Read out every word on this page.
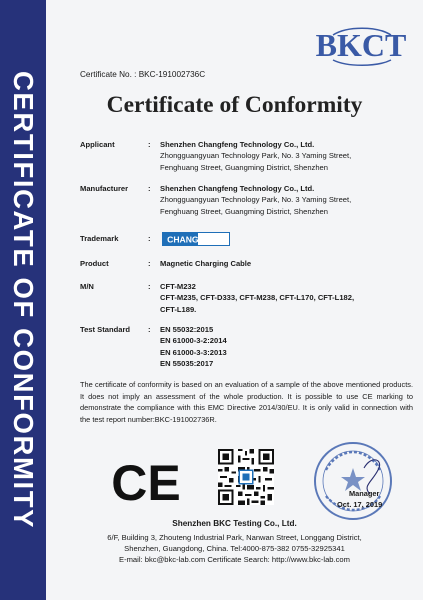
CERTIFICATE OF CONFORMITY
BKCT
Certificate No. : BKC-191002736C
Certificate of Conformity
Applicant	: Shenzhen Changfeng Technology Co., Ltd.
Zhongguangyuan Technology Park, No. 3 Yaming Street,
Fenghuang Street, Guangming District, Shenzhen
Manufacturer	: Shenzhen Changfeng Technology Co., Ltd.
Zhongguangyuan Technology Park, No. 3 Yaming Street,
Fenghuang Street, Guangming District, Shenzhen
Trademark	: CHANG FENG
Product	: Magnetic Charging Cable
M/N	: CFT-M232
CFT-M235, CFT-D333, CFT-M238, CFT-L170, CFT-L182,
CFT-L189.
Test Standard	: EN 55032:2015
EN 61000-3-2:2014
EN 61000-3-3:2013
EN 55035:2017
The certificate of conformity is based on an evaluation of a sample of the above mentioned products. It does not imply an assessment of the whole production. It is possible to use CE marking to demonstrate the compliance with this EMC Directive 2014/30/EU. It is only valid in connection with the test report number:BKC-191002736R.
CE	Manager
Oct. 17, 2019
Shenzhen BKC Testing Co., Ltd.
6/F, Building 3, Zhouteng Industrial Park, Nanwan Street, Longgang District,
Shenzhen, Guangdong, China. Tel:4000-875-382 0755-32925341
E-mail: bkc@bkc-lab.com Certificate Search: http://www.bkc-lab.com
